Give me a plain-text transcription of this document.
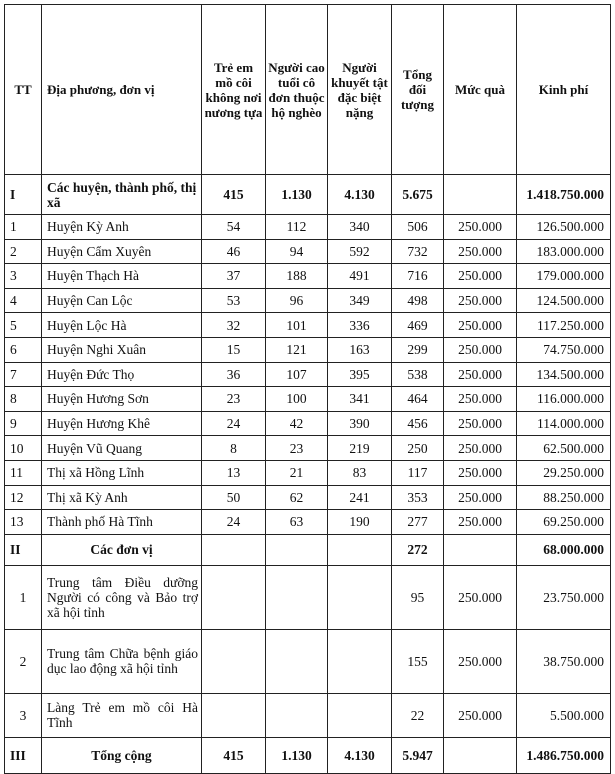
TT	Địa phương, đơn vị	Trẻ em mồ côi không nơi nương tựa	Người cao tuổi cô đơn thuộc hộ nghèo	Người khuyết tật đặc biệt nặng	Tổng đối tượng	Mức quà	Kinh phí
I	Các huyện, thành phố, thị xã	415	1.130	4.130	5.675		1.418.750.000
1	Huyện Kỳ Anh	54	112	340	506	250.000	126.500.000
2	Huyện Cẩm Xuyên	46	94	592	732	250.000	183.000.000
3	Huyện Thạch Hà	37	188	491	716	250.000	179.000.000
4	Huyện Can Lộc	53	96	349	498	250.000	124.500.000
5	Huyện Lộc Hà	32	101	336	469	250.000	117.250.000
6	Huyện Nghi Xuân	15	121	163	299	250.000	74.750.000
7	Huyện Đức Thọ	36	107	395	538	250.000	134.500.000
8	Huyện Hương Sơn	23	100	341	464	250.000	116.000.000
9	Huyện Hương Khê	24	42	390	456	250.000	114.000.000
10	Huyện Vũ Quang	8	23	219	250	250.000	62.500.000
11	Thị xã Hồng Lĩnh	13	21	83	117	250.000	29.250.000
12	Thị xã Kỳ Anh	50	62	241	353	250.000	88.250.000
13	Thành phố Hà Tĩnh	24	63	190	277	250.000	69.250.000
II	Các đơn vị				272		68.000.000
1	Trung tâm Điều dưỡng Người có công và Bảo trợ xã hội tỉnh				95	250.000	23.750.000
2	Trung tâm Chữa bệnh giáo dục lao động xã hội tỉnh				155	250.000	38.750.000
3	Làng Trẻ em mồ côi Hà Tĩnh				22	250.000	5.500.000
III	Tổng cộng	415	1.130	4.130	5.947		1.486.750.000
